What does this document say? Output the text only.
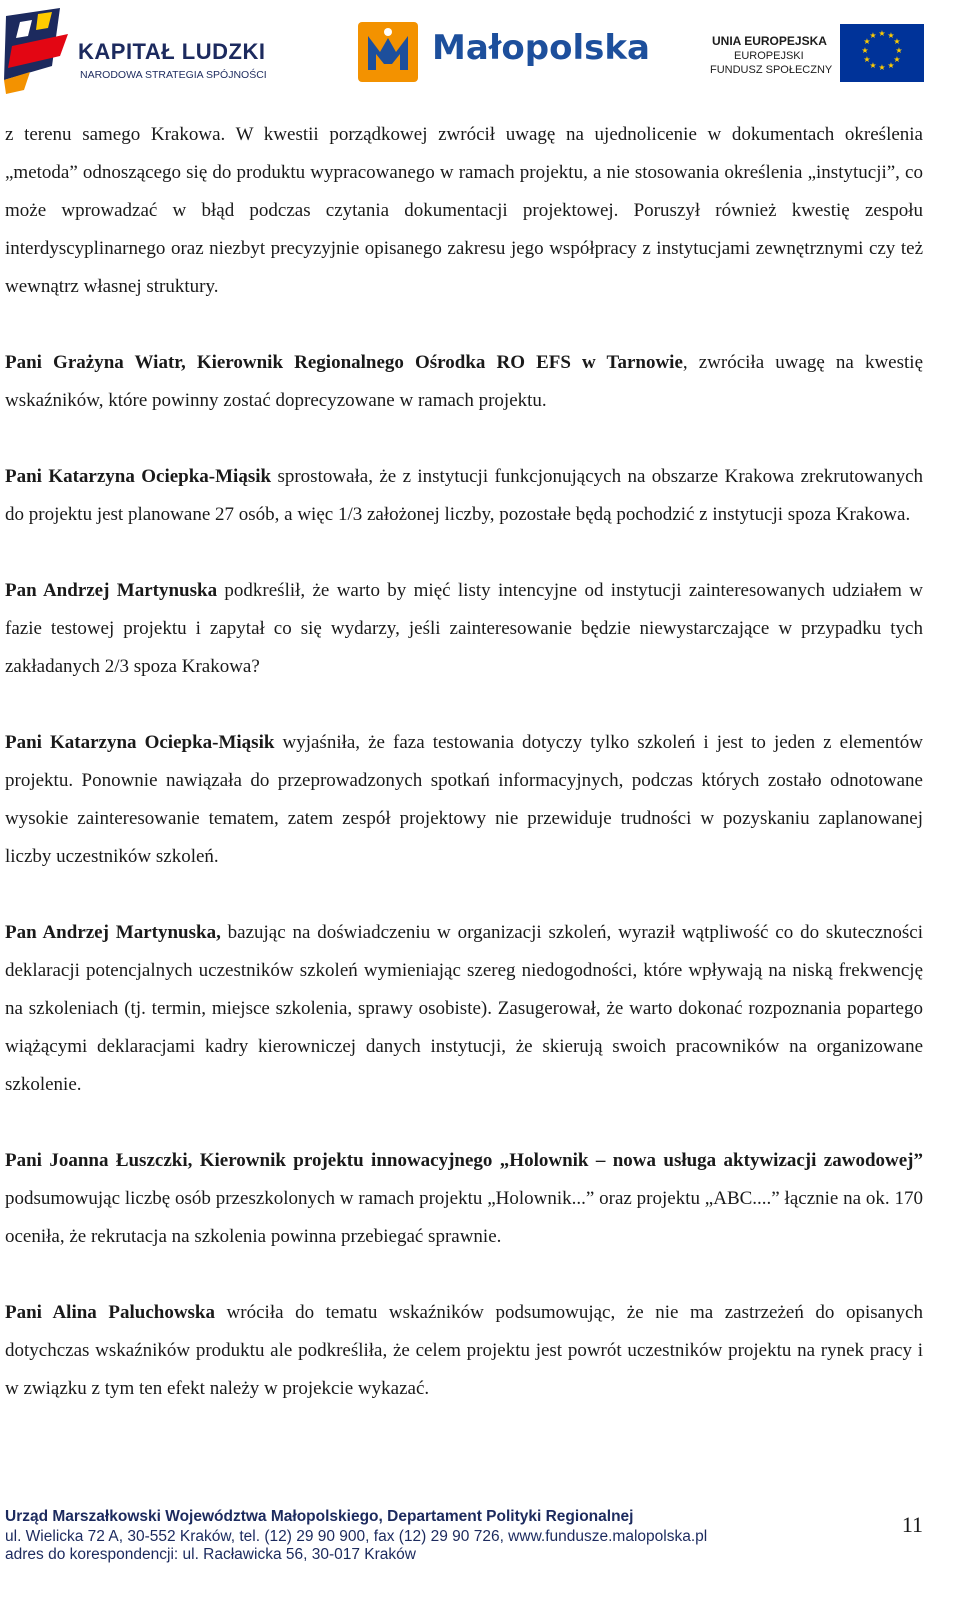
KAPITAŁ LUDZKI
NARODOWA STRATEGIA SPÓJNOŚCI
Małopolska	UNIA EUROPEJSKA
EUROPEJSKI
FUNDUSZ SPOŁECZNY
★ ★
★
★
★
★
★
★
★
★
★
★

z terenu samego Krakowa. W kwestii porządkowej zwrócił uwagę na ujednolicenie w dokumentach określenia „metoda” odnoszącego się do produktu wypracowanego w ramach projektu, a nie stosowania określenia „instytucji”, co może wprowadzać w błąd podczas czytania dokumentacji projektowej. Poruszył również kwestię zespołu interdyscyplinarnego oraz niezbyt precyzyjnie opisanego zakresu jego współpracy z instytucjami zewnętrznymi czy też wewnątrz własnej struktury.

Pani Grażyna Wiatr, Kierownik Regionalnego Ośrodka RO EFS w Tarnowie, zwróciła uwagę na kwestię wskaźników, które powinny zostać doprecyzowane w ramach projektu.

Pani Katarzyna Ociepka-Miąsik sprostowała, że z instytucji funkcjonujących na obszarze Krakowa zrekrutowanych do projektu jest planowane 27 osób, a więc 1/3 założonej liczby, pozostałe będą pochodzić z instytucji spoza Krakowa.

Pan Andrzej Martynuska podkreślił, że warto by mięć listy intencyjne od instytucji zainteresowanych udziałem w fazie testowej projektu i zapytał co się wydarzy, jeśli zainteresowanie będzie niewystarczające w przypadku tych zakładanych 2/3 spoza Krakowa?

Pani Katarzyna Ociepka-Miąsik wyjaśniła, że faza testowania dotyczy tylko szkoleń i jest to jeden z elementów projektu. Ponownie nawiązała do przeprowadzonych spotkań informacyjnych, podczas których zostało odnotowane wysokie zainteresowanie tematem, zatem zespół projektowy nie przewiduje trudności w pozyskaniu zaplanowanej liczby uczestników szkoleń.

Pan Andrzej Martynuska, bazując na doświadczeniu w organizacji szkoleń, wyraził wątpliwość co do skuteczności deklaracji potencjalnych uczestników szkoleń wymieniając szereg niedogodności, które wpływają na niską frekwencję na szkoleniach (tj. termin, miejsce szkolenia, sprawy osobiste). Zasugerował, że warto dokonać rozpoznania popartego wiążącymi deklaracjami kadry kierowniczej danych instytucji, że skierują swoich pracowników na organizowane szkolenie.

Pani Joanna Łuszczki, Kierownik projektu innowacyjnego „Holownik – nowa usługa aktywizacji zawodowej” podsumowując liczbę osób przeszkolonych w ramach projektu „Holownik...” oraz projektu „ABC....” łącznie na ok. 170 oceniła, że rekrutacja na szkolenia powinna przebiegać sprawnie.

Pani Alina Paluchowska wróciła do tematu wskaźników podsumowując, że nie ma zastrzeżeń do opisanych dotychczas wskaźników produktu ale podkreśliła, że celem projektu jest powrót uczestników projektu na rynek pracy i w związku z tym ten efekt należy w projekcie wykazać.

Urząd Marszałkowski Województwa Małopolskiego, Departament Polityki Regionalnej
ul. Wielicka 72 A, 30-552 Kraków, tel. (12) 29 90 900, fax (12) 29 90 726, www.fundusze.malopolska.pl
adres do korespondencji: ul. Racławicka 56, 30-017 Kraków
11
